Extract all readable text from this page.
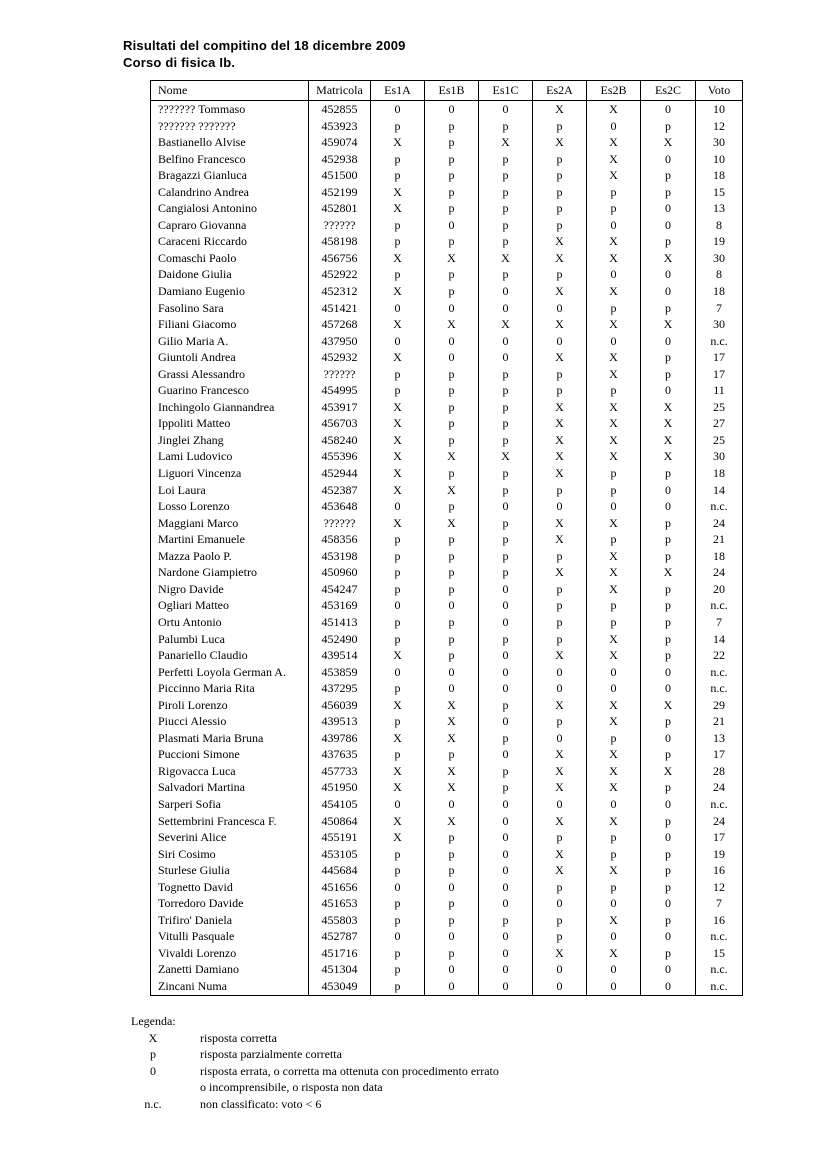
Risultati del compitino del 18 dicembre 2009
Corso di fisica Ib.
Nome	Matricola	Es1A	Es1B	Es1C	Es2A	Es2B	Es2C	Voto
??????? Tommaso	452855	0	0	0	X	X	0	10
??????? ???????	453923	p	p	p	p	0	p	12
Bastianello Alvise	459074	X	p	X	X	X	X	30
Belfino Francesco	452938	p	p	p	p	X	0	10
Bragazzi Gianluca	451500	p	p	p	p	X	p	18
Calandrino Andrea	452199	X	p	p	p	p	p	15
Cangialosi Antonino	452801	X	p	p	p	p	0	13
Capraro Giovanna	??????	p	0	p	p	0	0	8
Caraceni Riccardo	458198	p	p	p	X	X	p	19
Comaschi Paolo	456756	X	X	X	X	X	X	30
Daidone Giulia	452922	p	p	p	p	0	0	8
Damiano Eugenio	452312	X	p	0	X	X	0	18
Fasolino Sara	451421	0	0	0	0	p	p	7
Filiani Giacomo	457268	X	X	X	X	X	X	30
Gilio Maria A.	437950	0	0	0	0	0	0	n.c.
Giuntoli Andrea	452932	X	0	0	X	X	p	17
Grassi Alessandro	??????	p	p	p	p	X	p	17
Guarino Francesco	454995	p	p	p	p	p	0	11
Inchingolo Giannandrea	453917	X	p	p	X	X	X	25
Ippoliti Matteo	456703	X	p	p	X	X	X	27
Jinglei Zhang	458240	X	p	p	X	X	X	25
Lami Ludovico	455396	X	X	X	X	X	X	30
Liguori Vincenza	452944	X	p	p	X	p	p	18
Loi Laura	452387	X	X	p	p	p	0	14
Losso Lorenzo	453648	0	p	0	0	0	0	n.c.
Maggiani Marco	??????	X	X	p	X	X	p	24
Martini Emanuele	458356	p	p	p	X	p	p	21
Mazza Paolo P.	453198	p	p	p	p	X	p	18
Nardone Giampietro	450960	p	p	p	X	X	X	24
Nigro Davide	454247	p	p	0	p	X	p	20
Ogliari Matteo	453169	0	0	0	p	p	p	n.c.
Ortu Antonio	451413	p	p	0	p	p	p	7
Palumbi Luca	452490	p	p	p	p	X	p	14
Panariello Claudio	439514	X	p	0	X	X	p	22
Perfetti Loyola German A.	453859	0	0	0	0	0	0	n.c.
Piccinno Maria Rita	437295	p	0	0	0	0	0	n.c.
Piroli Lorenzo	456039	X	X	p	X	X	X	29
Piucci Alessio	439513	p	X	0	p	X	p	21
Plasmati Maria Bruna	439786	X	X	p	0	p	0	13
Puccioni Simone	437635	p	p	0	X	X	p	17
Rigovacca Luca	457733	X	X	p	X	X	X	28
Salvadori Martina	451950	X	X	p	X	X	p	24
Sarperi Sofia	454105	0	0	0	0	0	0	n.c.
Settembrini Francesca F.	450864	X	X	0	X	X	p	24
Severini Alice	455191	X	p	0	p	p	0	17
Siri Cosimo	453105	p	p	0	X	p	p	19
Sturlese Giulia	445684	p	p	0	X	X	p	16
Tognetto David	451656	0	0	0	p	p	p	12
Torredoro Davide	451653	p	p	0	0	0	0	7
Trifiro' Daniela	455803	p	p	p	p	X	p	16
Vitulli Pasquale	452787	0	0	0	p	0	0	n.c.
Vivaldi Lorenzo	451716	p	p	0	X	X	p	15
Zanetti Damiano	451304	p	0	0	0	0	0	n.c.
Zincani Numa	453049	p	0	0	0	0	0	n.c.
Legenda:
X	risposta corretta
p	risposta parzialmente corretta
0	risposta errata, o corretta ma ottenuta con procedimento errato
o incomprensibile, o risposta non data
n.c.	non classificato: voto < 6
